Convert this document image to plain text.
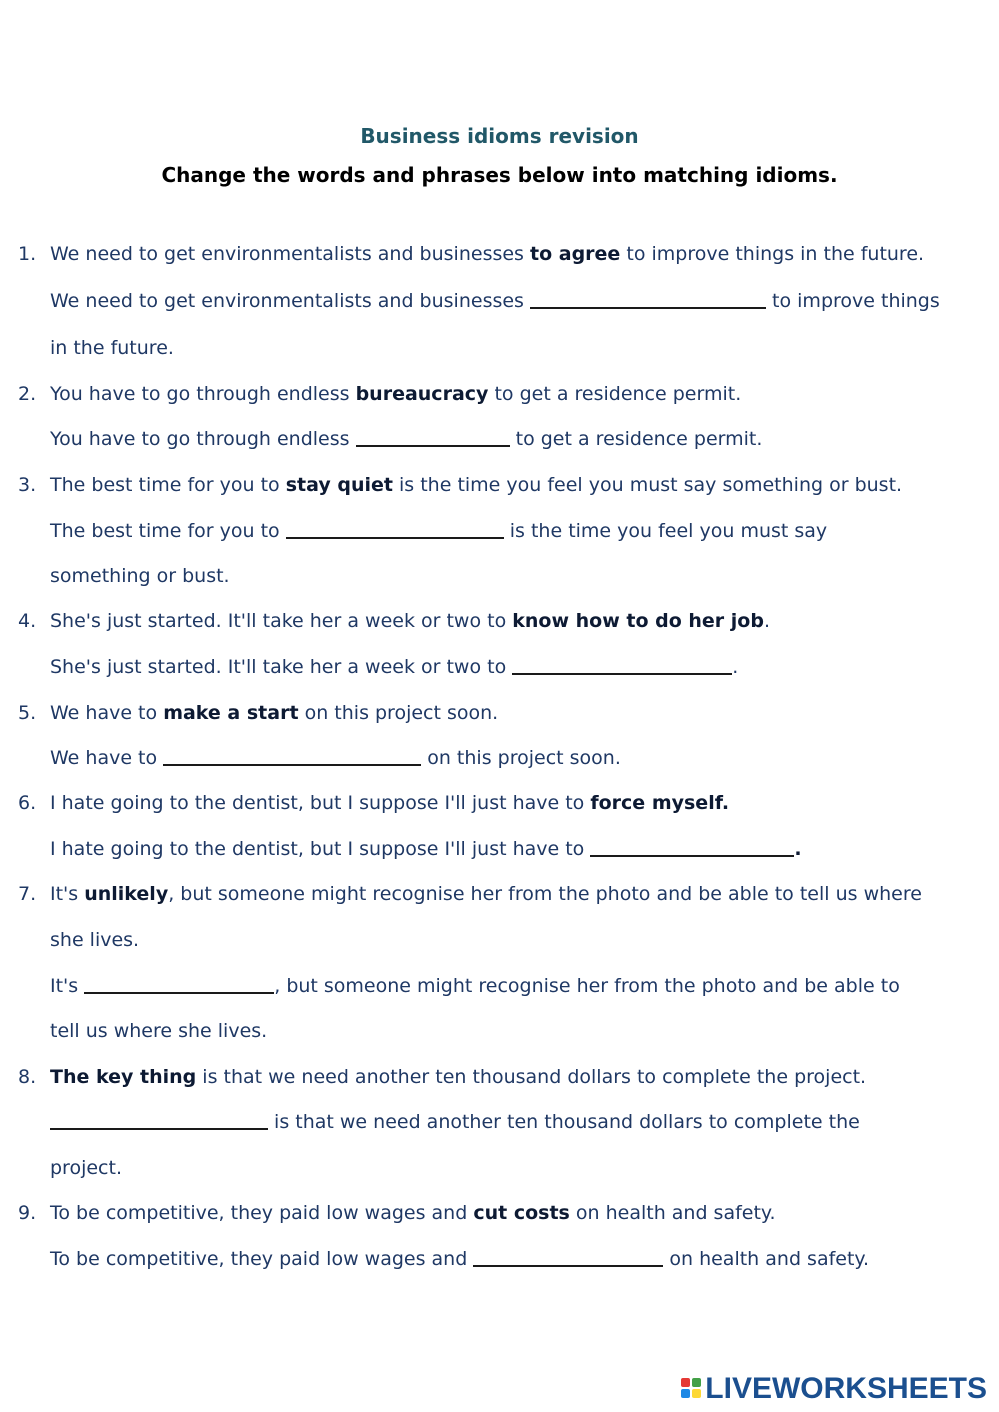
Business idioms revision
Change the words and phrases below into matching idioms.
1. We need to get environmentalists and businesses to agree to improve things in the future.
We need to get environmentalists and businesses	to improve things
in the future.
2. You have to go through endless bureaucracy to get a residence permit.
You have to go through endless	to get a residence permit.
3. The best time for you to stay quiet is the time you feel you must say something or bust.
The best time for you to	is the time you feel you must say
something or bust.
4. She's just started. It'll take her a week or two to know how to do her job.
She's just started. It'll take her a week or two to	.
5. We have to make a start on this project soon.
We have to	on this project soon.
6. I hate going to the dentist, but I suppose I'll just have to force myself.
I hate going to the dentist, but I suppose I'll just have to	.
7. It's unlikely, but someone might recognise her from the photo and be able to tell us where
she lives.
It's	, but someone might recognise her from the photo and be able to
tell us where she lives.
8. The key thing is that we need another ten thousand dollars to complete the project.
is that we need another ten thousand dollars to complete the
project.
9. To be competitive, they paid low wages and cut costs on health and safety.
To be competitive, they paid low wages and	on health and safety.
LIVEWORKSHEETS
